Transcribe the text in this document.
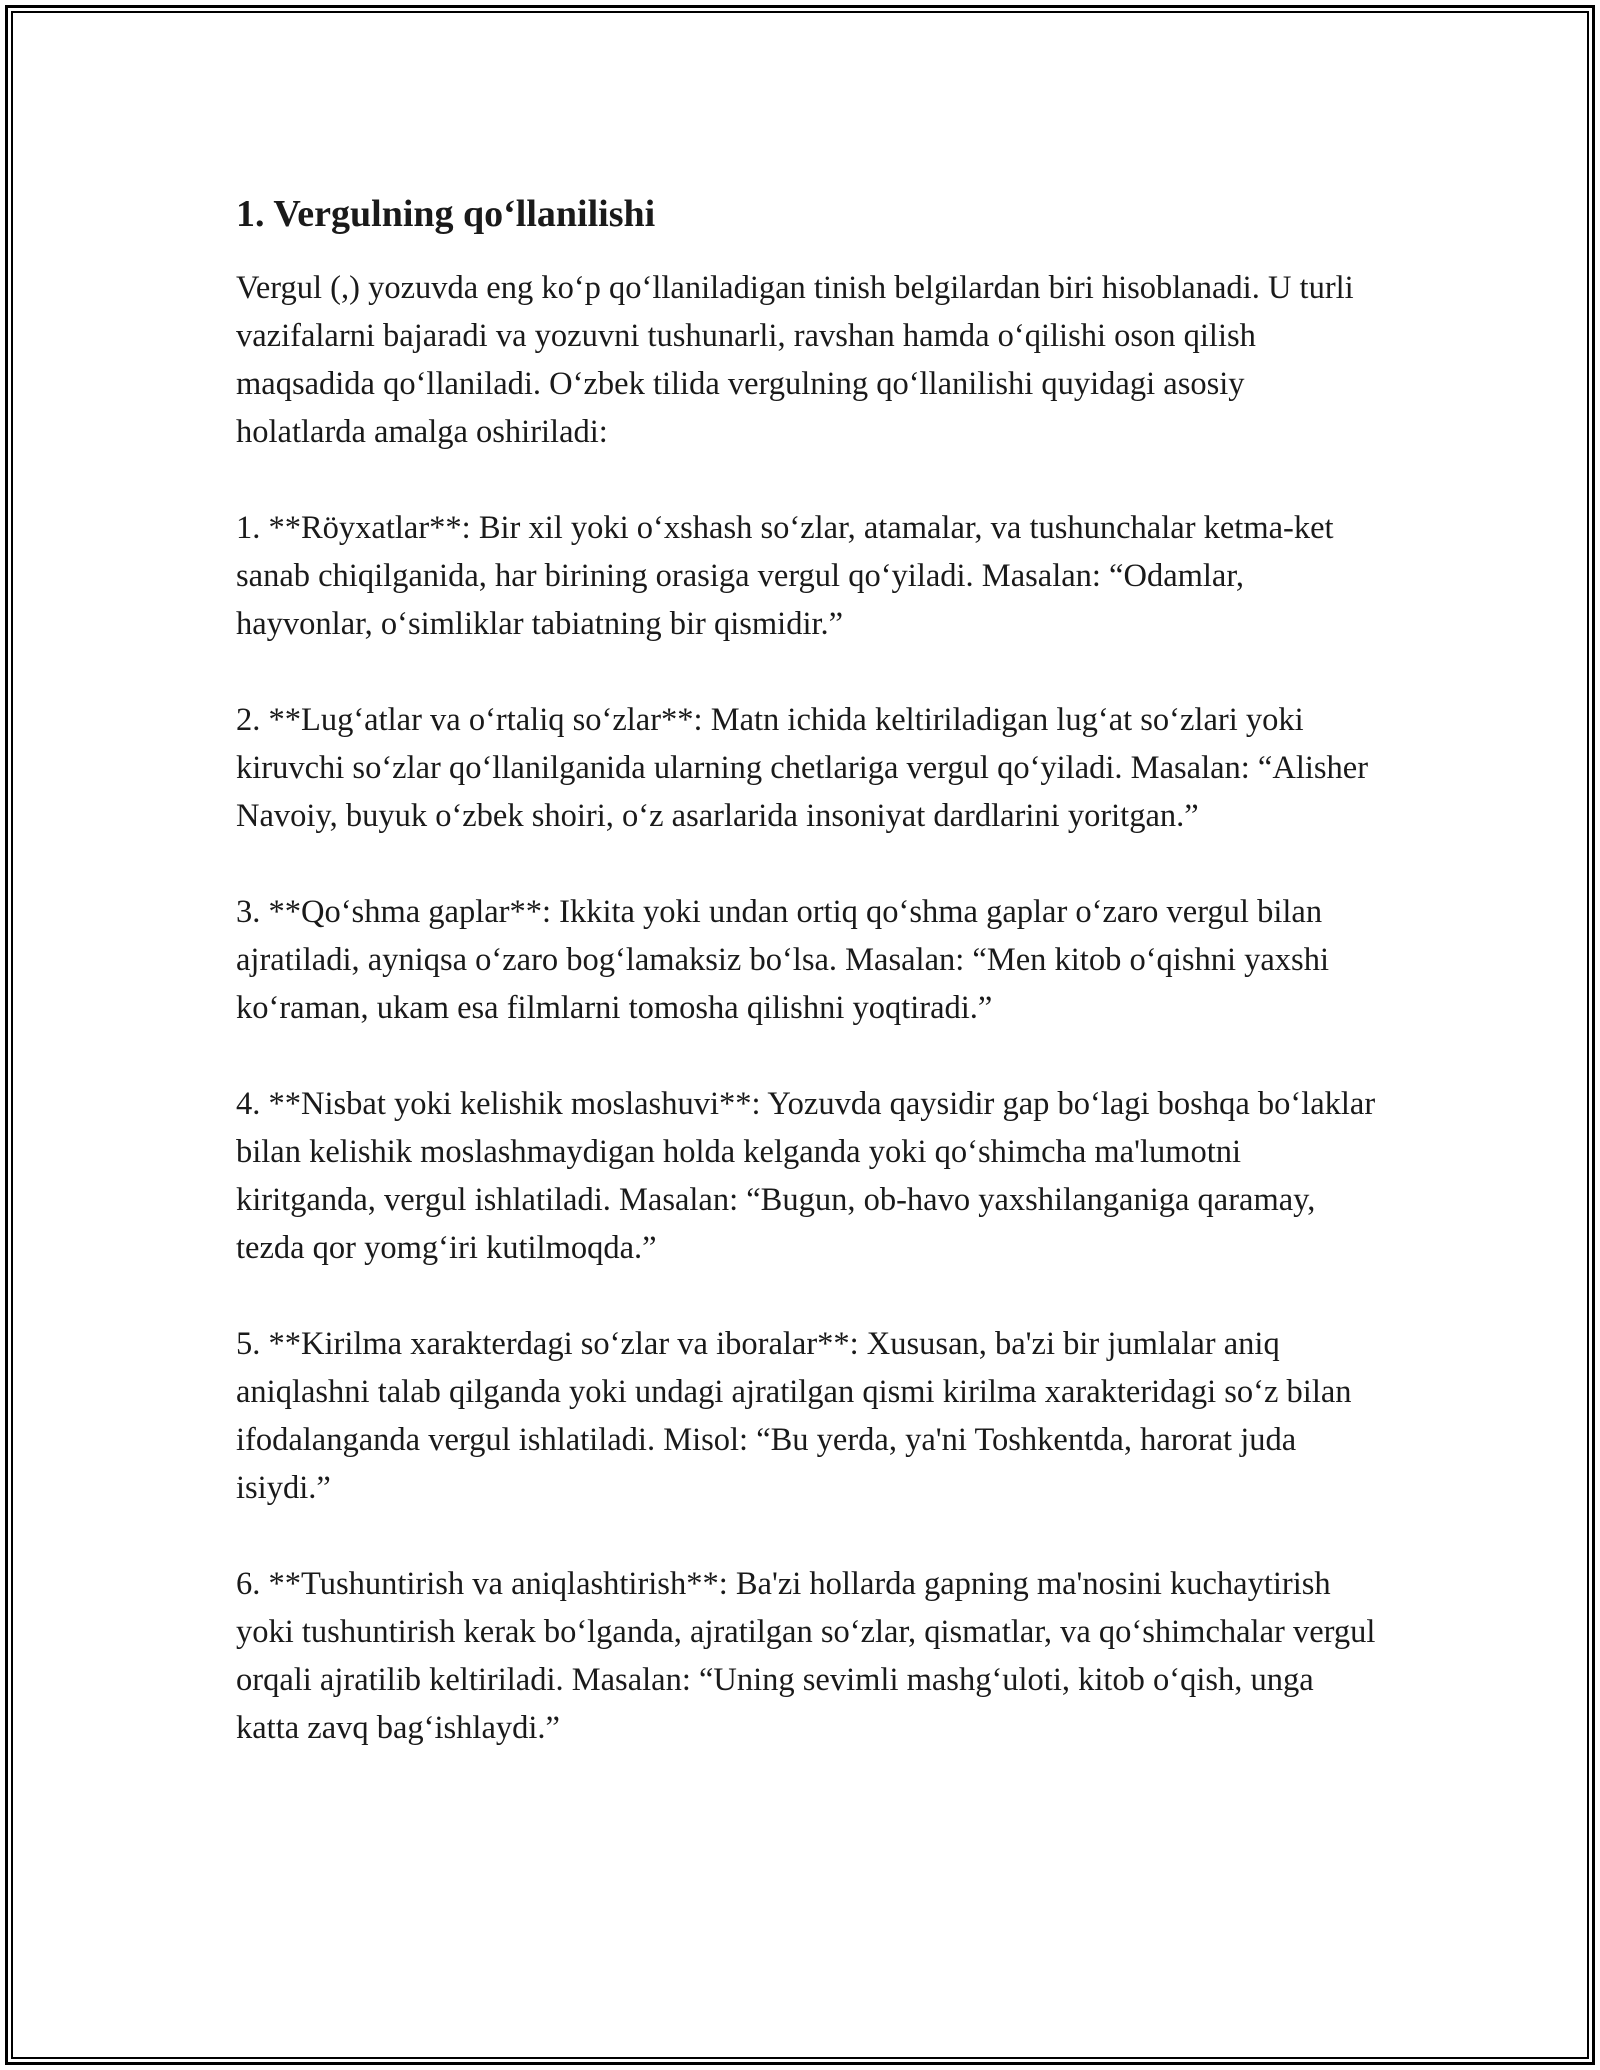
1. Vergulning qo‘llanilishi

Vergul (,) yozuvda eng ko‘p qo‘llaniladigan tinish belgilardan biri hisoblanadi. U turli vazifalarni bajaradi va yozuvni tushunarli, ravshan hamda o‘qilishi oson qilish maqsadida qo‘llaniladi. O‘zbek tilida vergulning qo‘llanilishi quyidagi asosiy holatlarda amalga oshiriladi:

1. **Röyxatlar**: Bir xil yoki o‘xshash so‘zlar, atamalar, va tushunchalar ketma-ket sanab chiqilganida, har birining orasiga vergul qo‘yiladi. Masalan: “Odamlar, hayvonlar, o‘simliklar tabiatning bir qismidir.”

2. **Lug‘atlar va o‘rtaliq so‘zlar**: Matn ichida keltiriladigan lug‘at so‘zlari yoki kiruvchi so‘zlar qo‘llanilganida ularning chetlariga vergul qo‘yiladi. Masalan: “Alisher Navoiy, buyuk o‘zbek shoiri, o‘z asarlarida insoniyat dardlarini yoritgan.”

3. **Qo‘shma gaplar**: Ikkita yoki undan ortiq qo‘shma gaplar o‘zaro vergul bilan ajratiladi, ayniqsa o‘zaro bog‘lamaksiz bo‘lsa. Masalan: “Men kitob o‘qishni yaxshi ko‘raman, ukam esa filmlarni tomosha qilishni yoqtiradi.”

4. **Nisbat yoki kelishik moslashuvi**: Yozuvda qaysidir gap bo‘lagi boshqa bo‘laklar bilan kelishik moslashmaydigan holda kelganda yoki qo‘shimcha ma'lumotni kiritganda, vergul ishlatiladi. Masalan: “Bugun, ob-havo yaxshilanganiga qaramay, tezda qor yomg‘iri kutilmoqda.”

5. **Kirilma xarakterdagi so‘zlar va iboralar**: Xususan, ba'zi bir jumlalar aniq aniqlashni talab qilganda yoki undagi ajratilgan qismi kirilma xarakteridagi so‘z bilan ifodalanganda vergul ishlatiladi. Misol: “Bu yerda, ya'ni Toshkentda, harorat juda isiydi.”

6. **Tushuntirish va aniqlashtirish**: Ba'zi hollarda gapning ma'nosini kuchaytirish yoki tushuntirish kerak bo‘lganda, ajratilgan so‘zlar, qismatlar, va qo‘shimchalar vergul orqali ajratilib keltiriladi. Masalan: “Uning sevimli mashg‘uloti, kitob o‘qish, unga katta zavq bag‘ishlaydi.”
